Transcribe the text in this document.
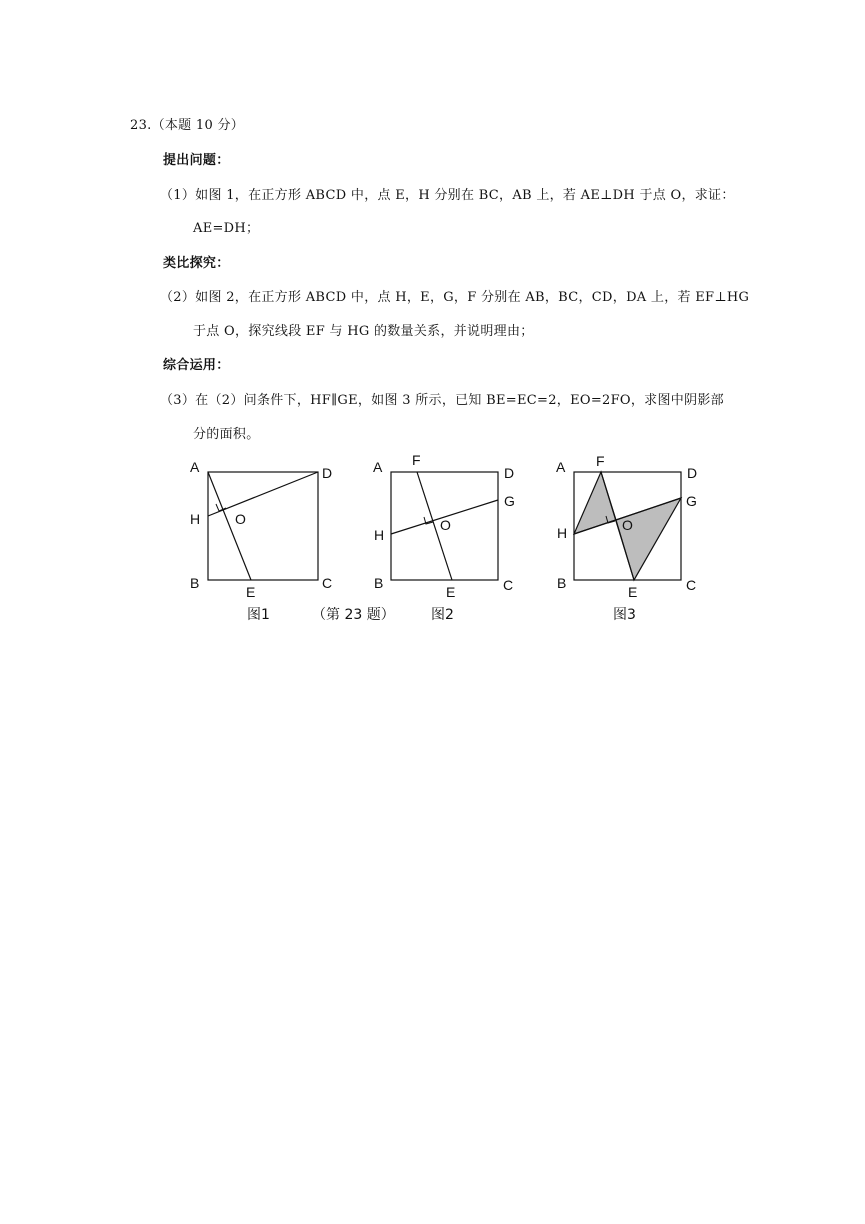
23.（本题 10 分）
提出问题：
（1）如图 1，在正方形 ABCD 中，点 E，H 分别在 BC，AB 上，若 AE⊥DH 于点 O，求证：
AE=DH；
类比探究：
（2）如图 2，在正方形 ABCD 中，点 H，E，G，F 分别在 AB，BC，CD，DA 上，若 EF⊥HG
于点 O，探究线段 EF 与 HG 的数量关系，并说明理由；
综合运用：
（3）在（2）问条件下，HF∥GE，如图 3 所示，已知 BE=EC=2，EO=2FO，求图中阴影部
分的面积。
A	D
H O
B
E
C
图1	（第 23 题）
A F
D
G
O
H
B
E	C
图2
A F
D
G
O
H
B
E	C
图3
